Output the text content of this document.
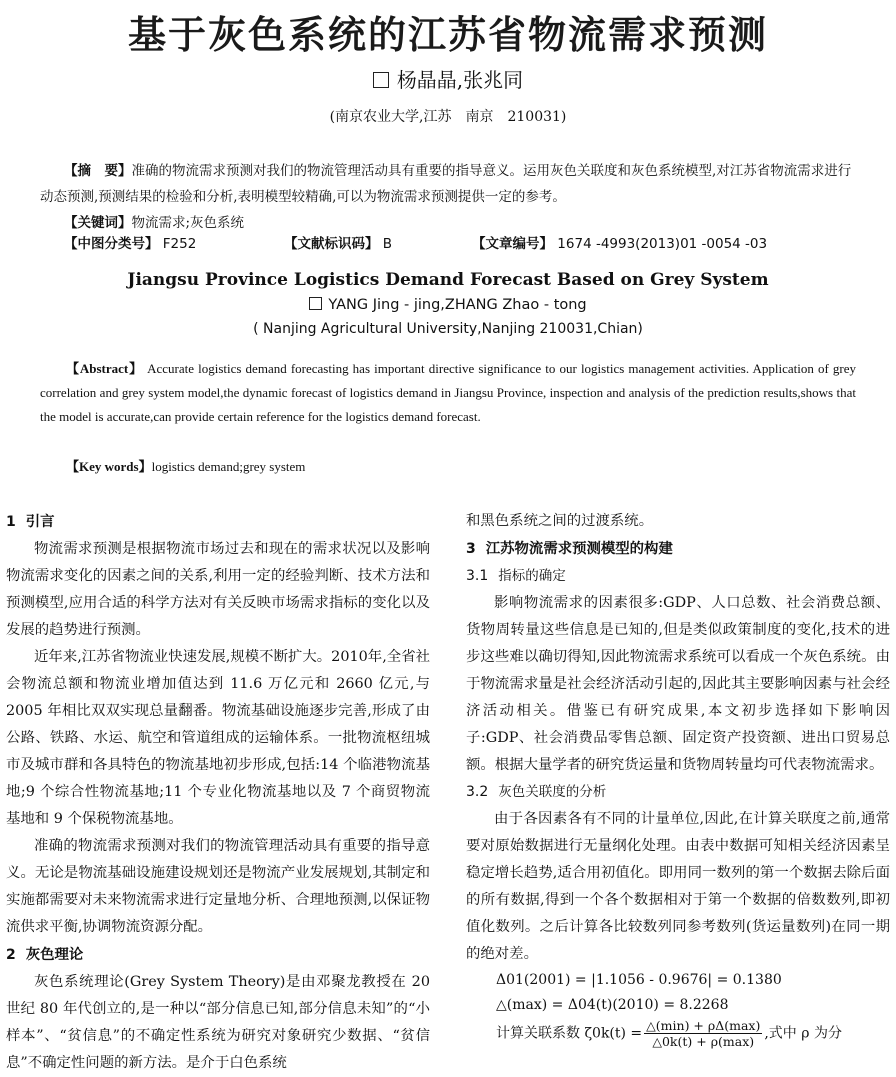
基于灰色系统的江苏省物流需求预测
杨晶晶,张兆同
(南京农业大学,江苏　南京　210031)
【摘　要】准确的物流需求预测对我们的物流管理活动具有重要的指导意义。运用灰色关联度和灰色系统模型,对江苏省物流需求进行动态预测,预测结果的检验和分析,表明模型较精确,可以为物流需求预测提供一定的参考。
【关键词】物流需求;灰色系统
【中图分类号】 F252	【文献标识码】 B	【文章编号】 1674 -4993(2013)01 -0054 -03
Jiangsu Province Logistics Demand Forecast Based on Grey System
YANG Jing - jing,ZHANG Zhao - tong
( Nanjing Agricultural University,Nanjing 210031,Chian)
【Abstract】 Accurate logistics demand forecasting has important directive significance to our logistics management activities. Application of grey correlation and grey system model,the dynamic forecast of logistics demand in Jiangsu Province, inspection and analysis of the prediction results,shows that the model is accurate,can provide certain reference for the logistics demand forecast.
【Key words】logistics demand;grey system
1 引言
物流需求预测是根据物流市场过去和现在的需求状况以及影响物流需求变化的因素之间的关系,利用一定的经验判断、技术方法和预测模型,应用合适的科学方法对有关反映市场需求指标的变化以及发展的趋势进行预测。
近年来,江苏省物流业快速发展,规模不断扩大。2010年,全省社会物流总额和物流业增加值达到 11.6 万亿元和 2660 亿元,与 2005 年相比双双实现总量翻番。物流基础设施逐步完善,形成了由公路、铁路、水运、航空和管道组成的运输体系。一批物流枢纽城市及城市群和各具特色的物流基地初步形成,包括:14 个临港物流基地;9 个综合性物流基地;11 个专业化物流基地以及 7 个商贸物流基地和 9 个保税物流基地。
准确的物流需求预测对我们的物流管理活动具有重要的指导意义。无论是物流基础设施建设规划还是物流产业发展规划,其制定和实施都需要对未来物流需求进行定量地分析、合理地预测,以保证物流供求平衡,协调物流资源分配。
2 灰色理论
灰色系统理论(Grey System Theory)是由邓聚龙教授在 20 世纪 80 年代创立的,是一种以“部分信息已知,部分信息未知”的“小样本”、“贫信息”的不确定性系统为研究对象研究少数据、“贫信息”不确定性问题的新方法。是介于白色系统
和黑色系统之间的过渡系统。
3 江苏物流需求预测模型的构建
3.1 指标的确定
影响物流需求的因素很多:GDP、人口总数、社会消费总额、货物周转量这些信息是已知的,但是类似政策制度的变化,技术的进步这些难以确切得知,因此物流需求系统可以看成一个灰色系统。由于物流需求量是社会经济活动引起的,因此其主要影响因素与社会经济活动相关。借鉴已有研究成果,本文初步选择如下影响因子:GDP、社会消费品零售总额、固定资产投资额、进出口贸易总额。根据大量学者的研究货运量和货物周转量均可代表物流需求。
3.2 灰色关联度的分析
由于各因素各有不同的计量单位,因此,在计算关联度之前,通常要对原始数据进行无量纲化处理。由表中数据可知相关经济因素呈稳定增长趋势,适合用初值化。即用同一数列的第一个数据去除后面的所有数据,得到一个各个数据相对于第一个数据的倍数数列,即初值化数列。之后计算各比较数列同参考数列(货运量数列)在同一期的绝对差。
Δ01(2001) = |1.1056 - 0.9676| = 0.1380
△(max) = Δ04(t)(2010) = 8.2268
计算关联系数 $\zeta 0k(t) = \frac{\triangle(\min) + \rho\Delta(\max)}{\triangle 0k(t) + \rho(\max)}$ ,式中 ρ 为分
